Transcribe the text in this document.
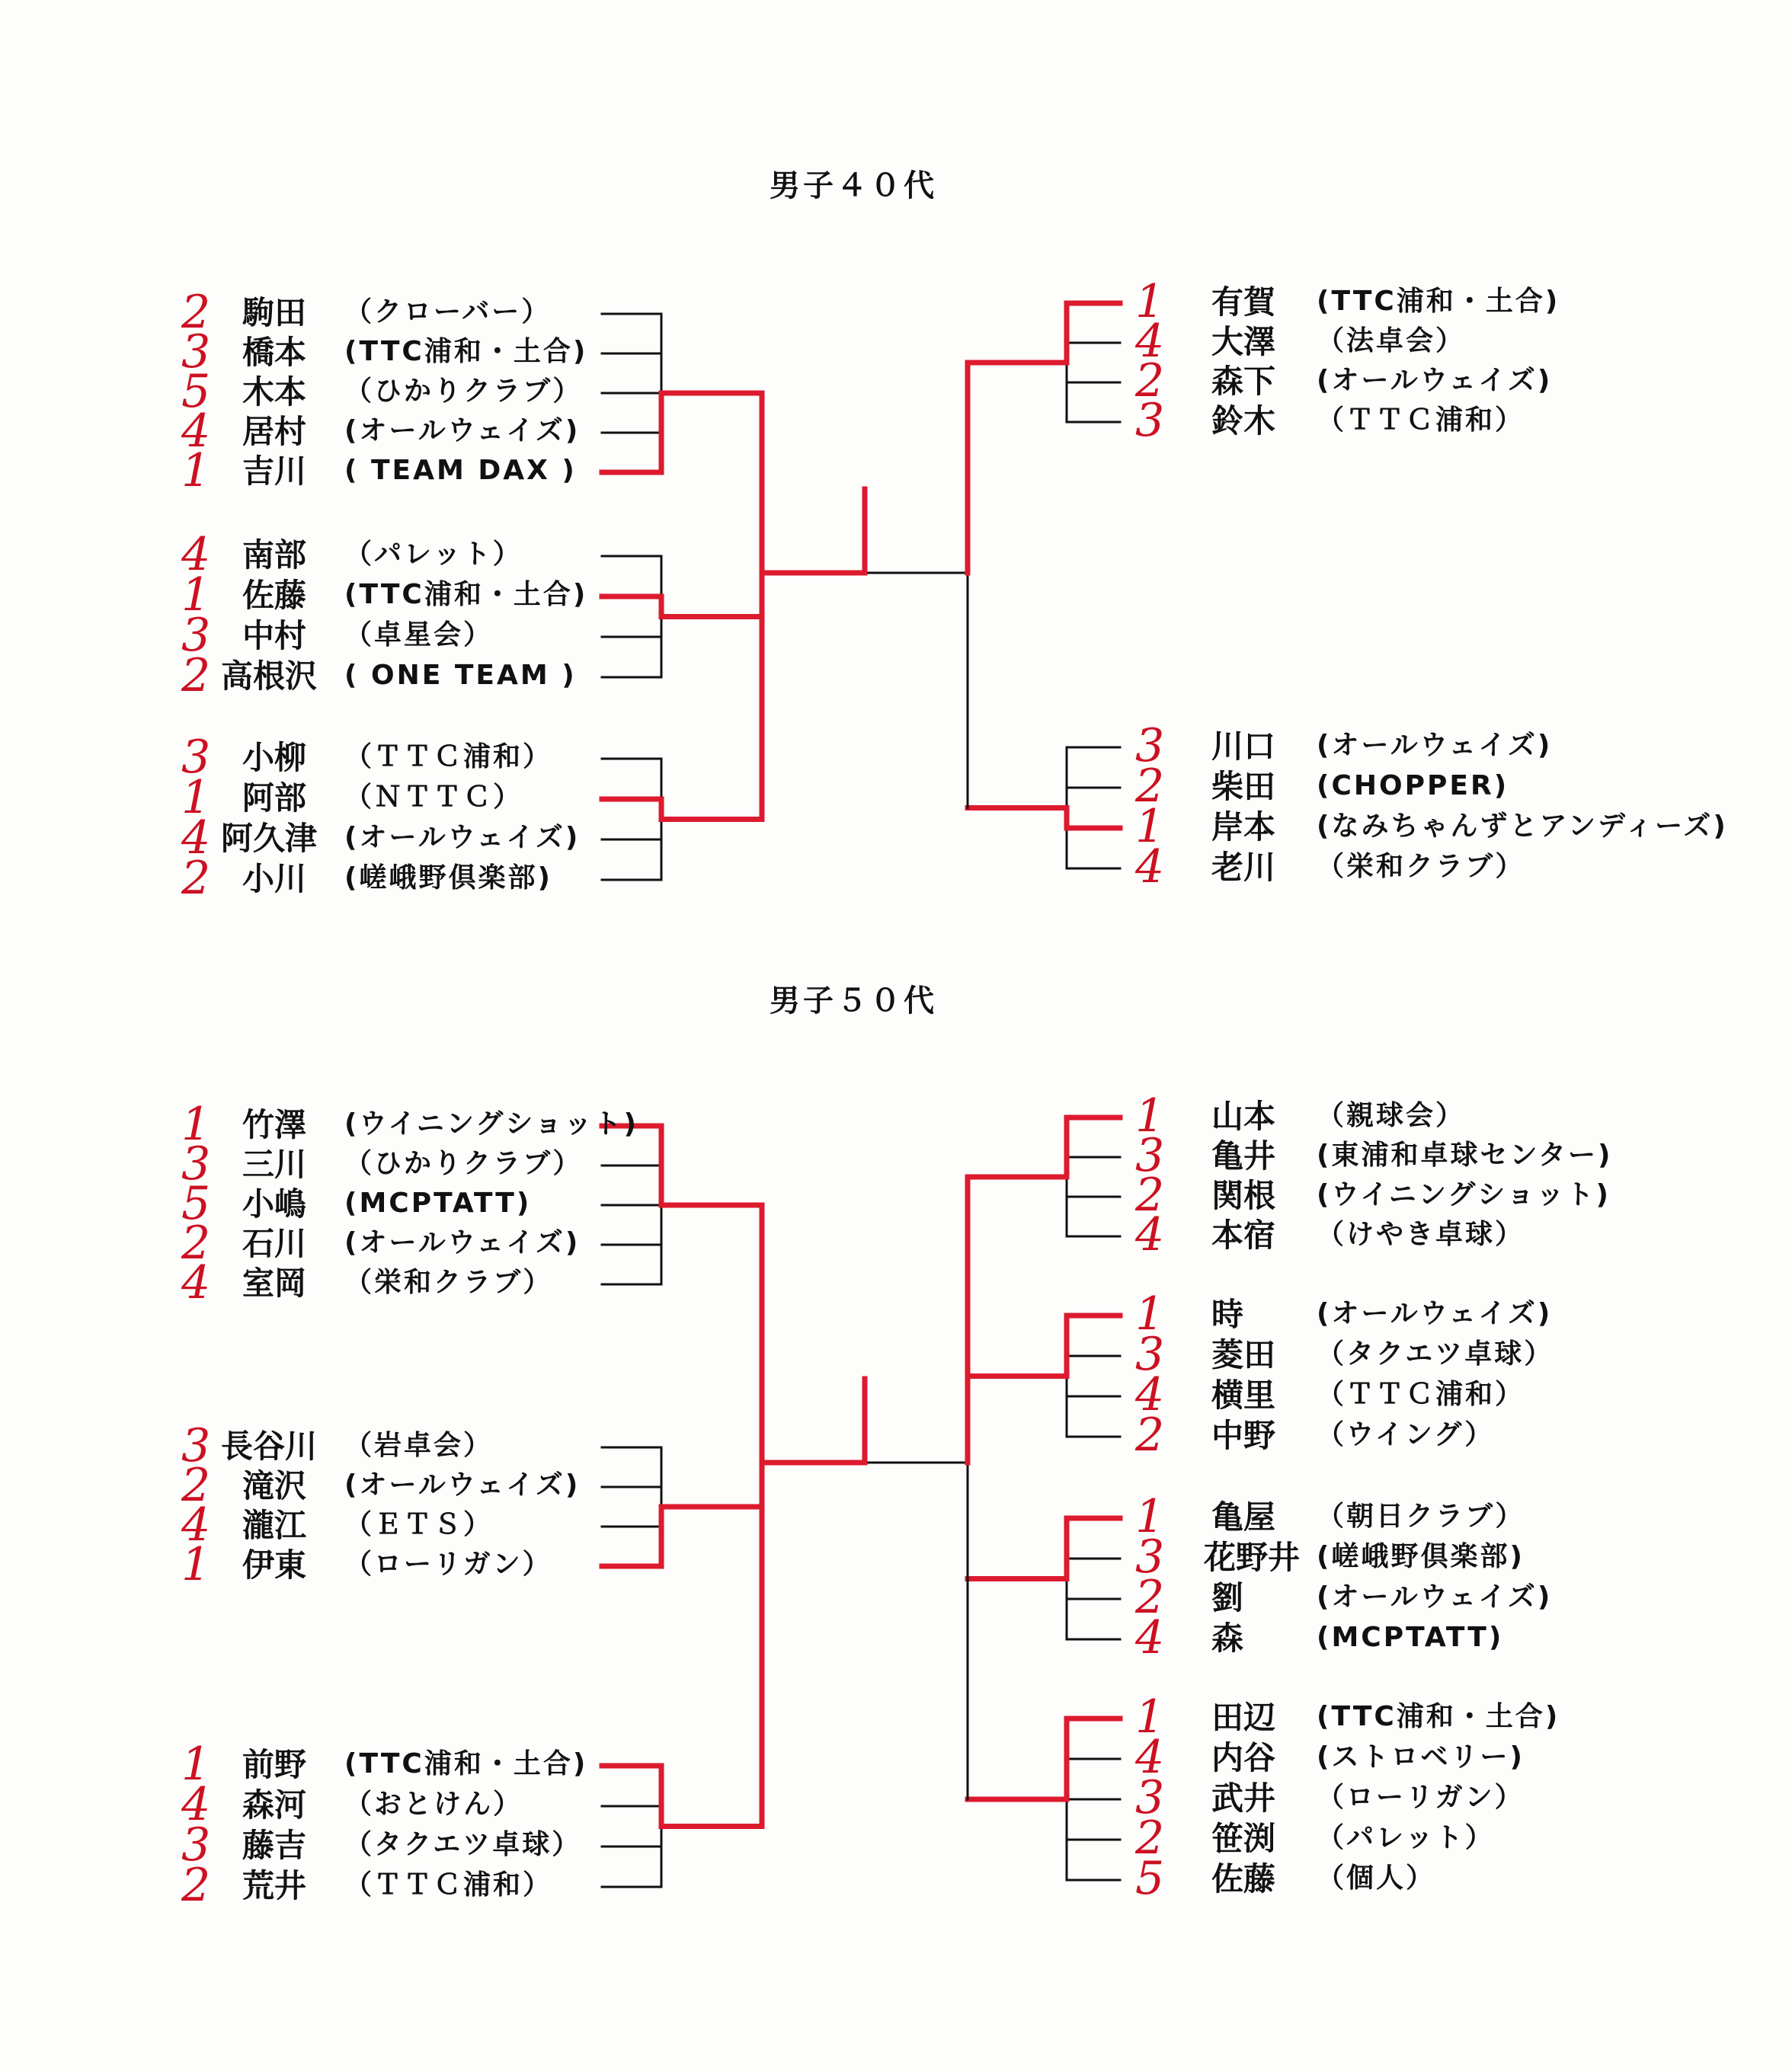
男子４０代
男子５０代
2 駒田 （クローバー）
3 橋本 (TTC浦和・土合)
5 木本 （ひかりクラブ）
4 居村 (オールウェイズ)
1 吉川 ( TEAM DAX )
4 南部 （パレット）
1 佐藤 (TTC浦和・土合)
3 中村 （卓星会）
2 高根沢 ( ONE TEAM )
3 小柳 （ＴＴＣ浦和）
1 阿部 （ＮＴＴＣ）
4 阿久津 (オールウェイズ)
2 小川 (嵯峨野倶楽部)
1 有賀 (TTC浦和・土合)
4 大澤 （法卓会）
2 森下 (オールウェイズ)
3 鈴木 （ＴＴＣ浦和）
3 川口 (オールウェイズ)
2 柴田 (CHOPPER)
1 岸本 (なみちゃんずとアンディーズ)
4 老川 （栄和クラブ）
1 竹澤 (ウイニングショット)
3 三川 （ひかりクラブ）
5 小嶋 (MCPTATT)
2 石川 (オールウェイズ)
4 室岡 （栄和クラブ）
3 長谷川 （岩卓会）
2 滝沢 (オールウェイズ)
4 瀧江 （ＥＴＳ）
1 伊東 （ローリガン）
1 前野 (TTC浦和・土合)
4 森河 （おとけん）
3 藤吉 （タクエツ卓球）
2 荒井 （ＴＴＣ浦和）
1 山本 （親球会）
3 亀井 (東浦和卓球センター)
2 関根 (ウイニングショット)
4 本宿 （けやき卓球）
1 時	(オールウェイズ)
3 菱田 （タクエツ卓球）
4 横里 （ＴＴＣ浦和）
2 中野 （ウイング）
1 亀屋 （朝日クラブ）
3 花野井 (嵯峨野倶楽部)
2 劉	(オールウェイズ)
4 森	(MCPTATT)
1 田辺 (TTC浦和・土合)
4 内谷 (ストロベリー)
3 武井 （ローリガン）
2 笹渕 （パレット）
5 佐藤 （個人）
